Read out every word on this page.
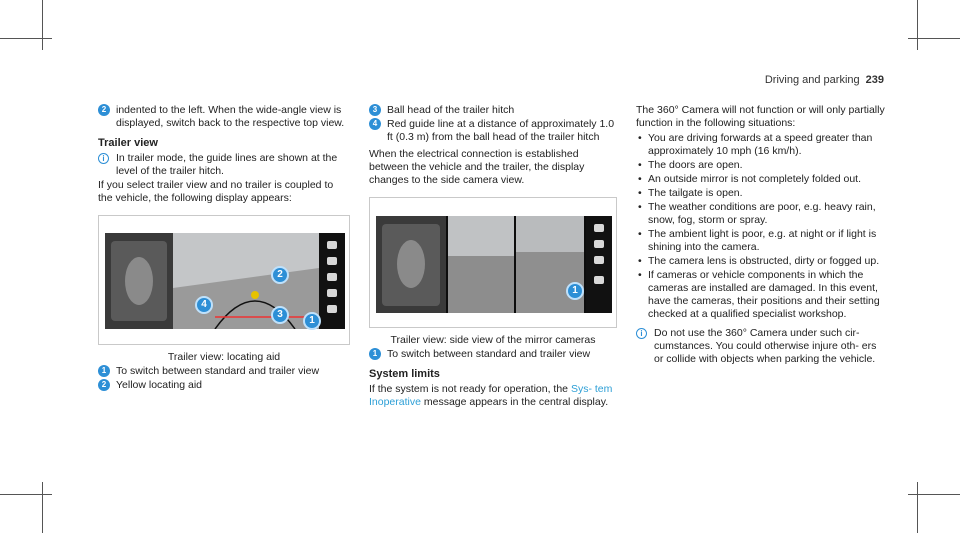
Driving and parking 239
2 indented to the left. When the wide-angle view is displayed, switch back to the respective top view.
Trailer view
i	In trailer mode, the guide lines are shown at the level of the trailer hitch.

If you select trailer view and no trailer is coupled to the vehicle, the following display appears:

2
4
3
1
Trailer view: locating aid
1 To switch between standard and trailer view
2 Yellow locating aid
3 Ball head of the trailer hitch
4 Red guide line at a distance of approximately 1.0 ft (0.3 m) from the ball head of the trailer hitch

When the electrical connection is established between the vehicle and the trailer, the display changes to the side camera view.

1
Trailer view: side view of the mirror cameras
1 To switch between standard and trailer view
System limits

If the system is not ready for operation, the Sys- tem Inoperative message appears in the central display.

The 360° Camera will not function or will only partially function in the following situations:

• You are driving forwards at a speed greater than approximately 10 mph (16 km/h).
• The doors are open.
• An outside mirror is not completely folded out.
• The tailgate is open.
• The weather conditions are poor, e.g. heavy rain, snow, fog, storm or spray.
• The ambient light is poor, e.g. at night or if light is shining into the camera.
• The camera lens is obstructed, dirty or fogged up.
• If cameras or vehicle components in which the cameras are installed are damaged. In this event, have the cameras, their positions and their setting checked at a qualified specialist workshop.
i	Do not use the 360° Camera under such cir- cumstances. You could otherwise injure oth- ers or collide with objects when parking the vehicle.
